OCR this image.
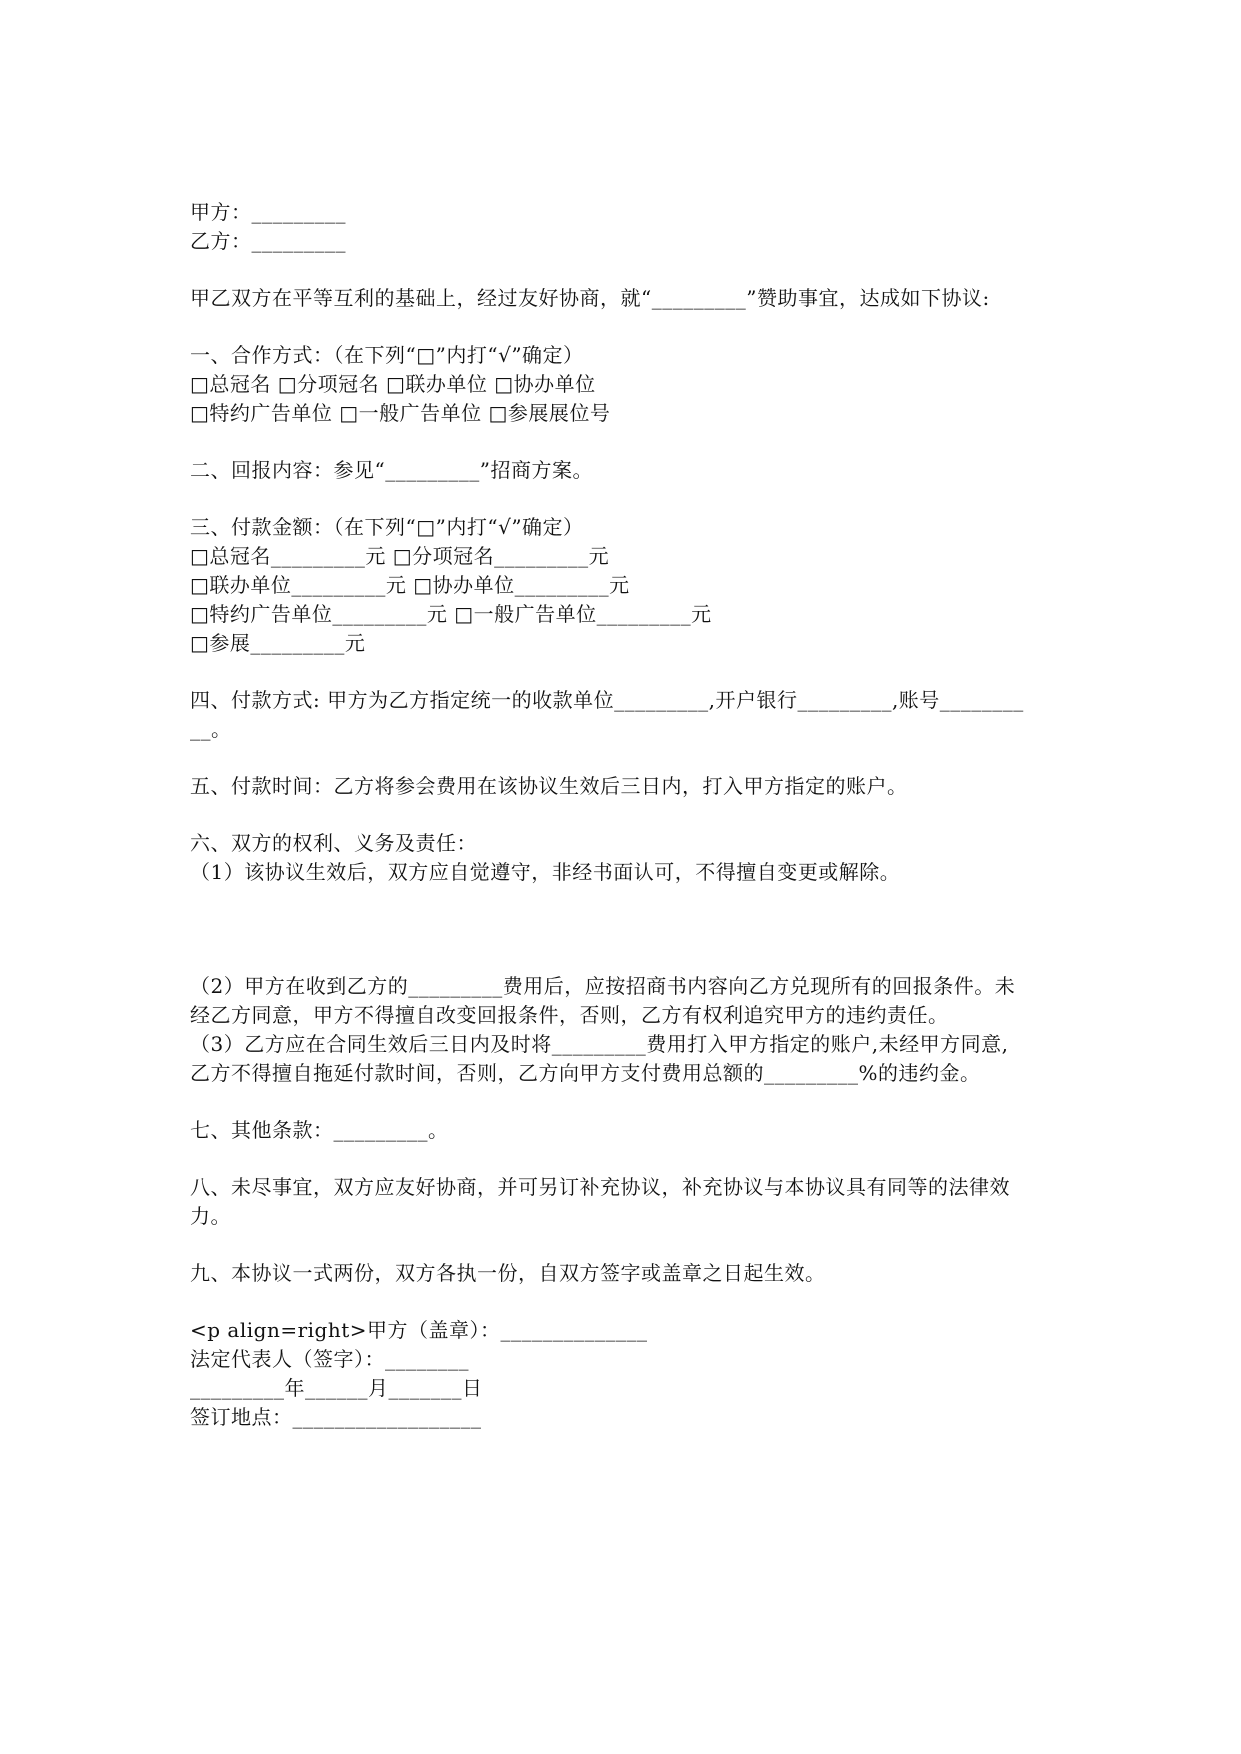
甲方：_________
乙方：_________
甲乙双方在平等互利的基础上，经过友好协商，就“_________”赞助事宜，达成如下协议:
一、合作方式：（在下列“□”内打“√”确定）
□总冠名 □分项冠名 □联办单位 □协办单位
□特约广告单位 □一般广告单位 □参展展位号
二、回报内容：参见“_________”招商方案。
三、付款金额：（在下列“□”内打“√”确定）
□总冠名_________元 □分项冠名_________元
□联办单位_________元 □协办单位_________元
□特约广告单位_________元 □一般广告单位_________元
□参展_________元
四、付款方式: 甲方为乙方指定统一的收款单位_________,开户银行_________,账号________
__。
五、付款时间：乙方将参会费用在该协议生效后三日内，打入甲方指定的账户。
六、双方的权利、义务及责任：
（1）该协议生效后，双方应自觉遵守，非经书面认可，不得擅自变更或解除。
（2）甲方在收到乙方的_________费用后，应按招商书内容向乙方兑现所有的回报条件。未
经乙方同意，甲方不得擅自改变回报条件，否则，乙方有权利追究甲方的违约责任。
（3）乙方应在合同生效后三日内及时将_________费用打入甲方指定的账户,未经甲方同意,
乙方不得擅自拖延付款时间，否则，乙方向甲方支付费用总额的_________%的违约金。
七、其他条款：_________。
八、未尽事宜，双方应友好协商，并可另订补充协议，补充协议与本协议具有同等的法律效
力。
九、本协议一式两份，双方各执一份，自双方签字或盖章之日起生效。
<p align=right>甲方（盖章）：______________
法定代表人（签字）：________
_________年______月_______日
签订地点：__________________
